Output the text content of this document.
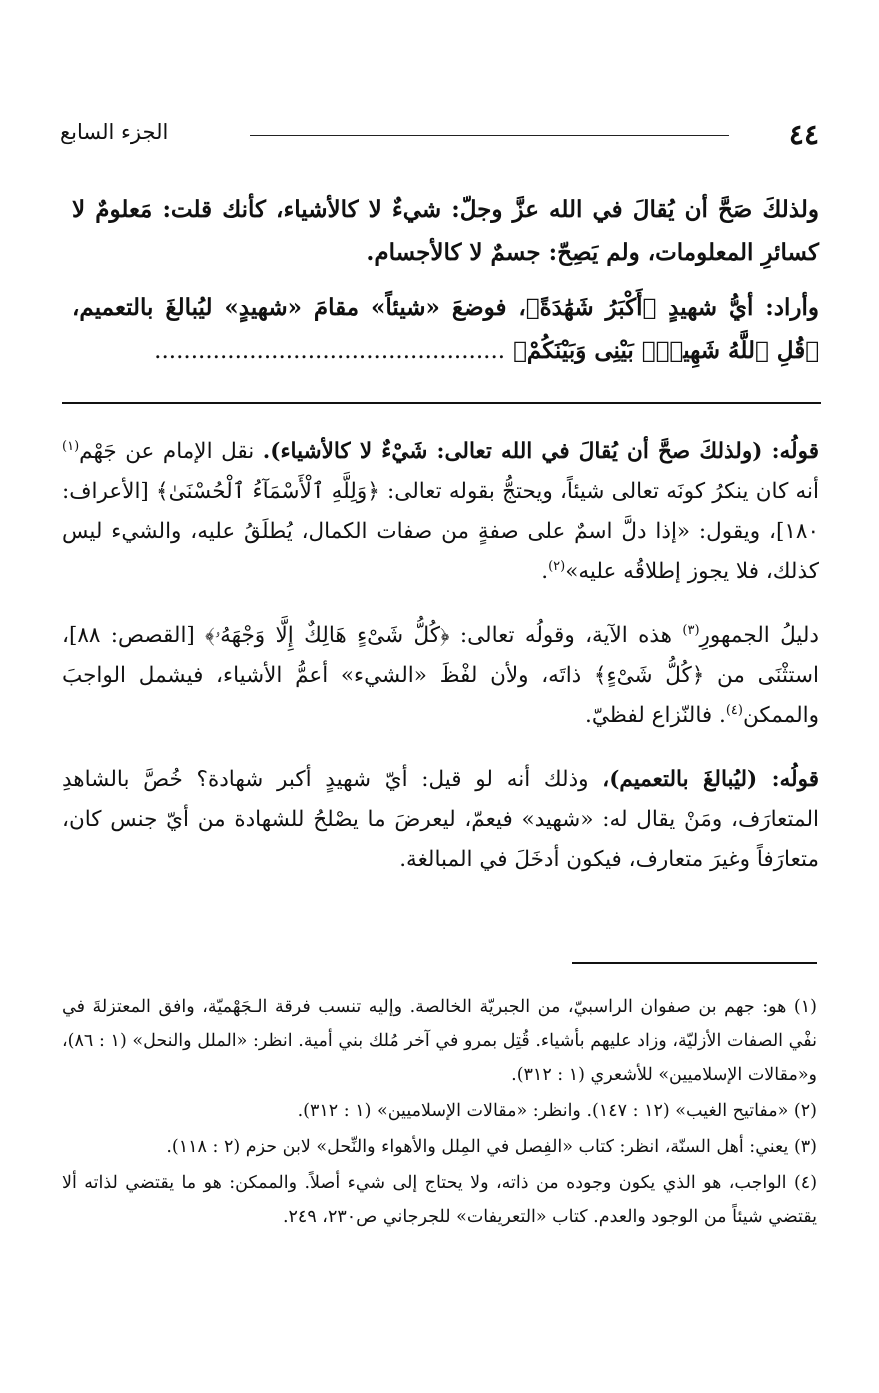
٤٤
الجزء السابع

ولذلكَ صَحَّ أن يُقالَ في الله عزَّ وجلّ: شيءٌ لا كالأشياء، كأنك قلت: مَعلومٌ لا كسائرِ المعلومات، ولم يَصِحّ: جسمٌ لا كالأجسام.

وأراد: أيُّ شهيدٍ ﴿أَكْبَرُ شَهَٰدَةً﴾، فوضعَ «شيئاً» مقامَ «شهيدٍ» ليُبالغَ بالتعميم، ﴿قُلِ ٱللَّهُ شَهِيدٌۢ بَيْنِى وَبَيْنَكُمْ﴾ ................................................

قولُه: (ولذلكَ صحَّ أن يُقالَ في الله تعالى: شَيْءٌ لا كالأشياء). نقل الإمام عن جَهْم$^{(١)}$ أنه كان ينكرُ كونَه تعالى شيئاً، ويحتجُّ بقوله تعالى: ﴿وَلِلَّهِ ٱلْأَسْمَآءُ ٱلْحُسْنَىٰ﴾ [الأعراف: ١٨٠]، ويقول: «إذا دلَّ اسمٌ على صفةٍ من صفات الكمال، يُطلَقُ عليه، والشيء ليس كذلك، فلا يجوز إطلاقُه عليه»$^{(٢)}$.

دليلُ الجمهورِ$^{(٣)}$ هذه الآية، وقولُه تعالى: ﴿كُلُّ شَىْءٍ هَالِكٌ إِلَّا وَجْهَهُۥ﴾ [القصص: ٨٨]، استثْنَى من ﴿كُلُّ شَىْءٍ﴾ ذاتَه، ولأن لفْظَ «الشيء» أعمُّ الأشياء، فيشمل الواجبَ والممكن$^{(٤)}$. فالنّزاع لفظيّ.

قولُه: (ليُبالغَ بالتعميم)، وذلك أنه لو قيل: أيّ شهيدٍ أكبر شهادة؟ خُصَّ بالشاهدِ المتعارَف، ومَنْ يقال له: «شهيد» فيعمّ، ليعرضَ ما يصْلحُ للشهادة من أيّ جنس كان، متعارَفاً وغيرَ متعارف، فيكون أدخَلَ في المبالغة.

(١) هو: جهم بن صفوان الراسبيّ، من الجبريّة الخالصة. وإليه تنسب فرقة الـجَهْميّة، وافق المعتزلةَ في نفْي الصفات الأزليّة، وزاد عليهم بأشياء. قُتِل بمرو في آخر مُلك بني أمية. انظر: «الملل والنحل» (١ : ٨٦)، و«مقالات الإسلاميين» للأشعري (١ : ٣١٢).

(٢) «مفاتيح الغيب» (١٢ : ١٤٧). وانظر: «مقالات الإسلاميين» (١ : ٣١٢).

(٣) يعني: أهل السنّة، انظر: كتاب «الفِصل في المِلل والأهواء والنِّحل» لابن حزم (٢ : ١١٨).

(٤) الواجب، هو الذي يكون وجوده من ذاته، ولا يحتاج إلى شيء أصلاً. والممكن: هو ما يقتضي لذاته ألا يقتضي شيئاً من الوجود والعدم. كتاب «التعريفات» للجرجاني ص٢٣٠، ٢٤٩.
